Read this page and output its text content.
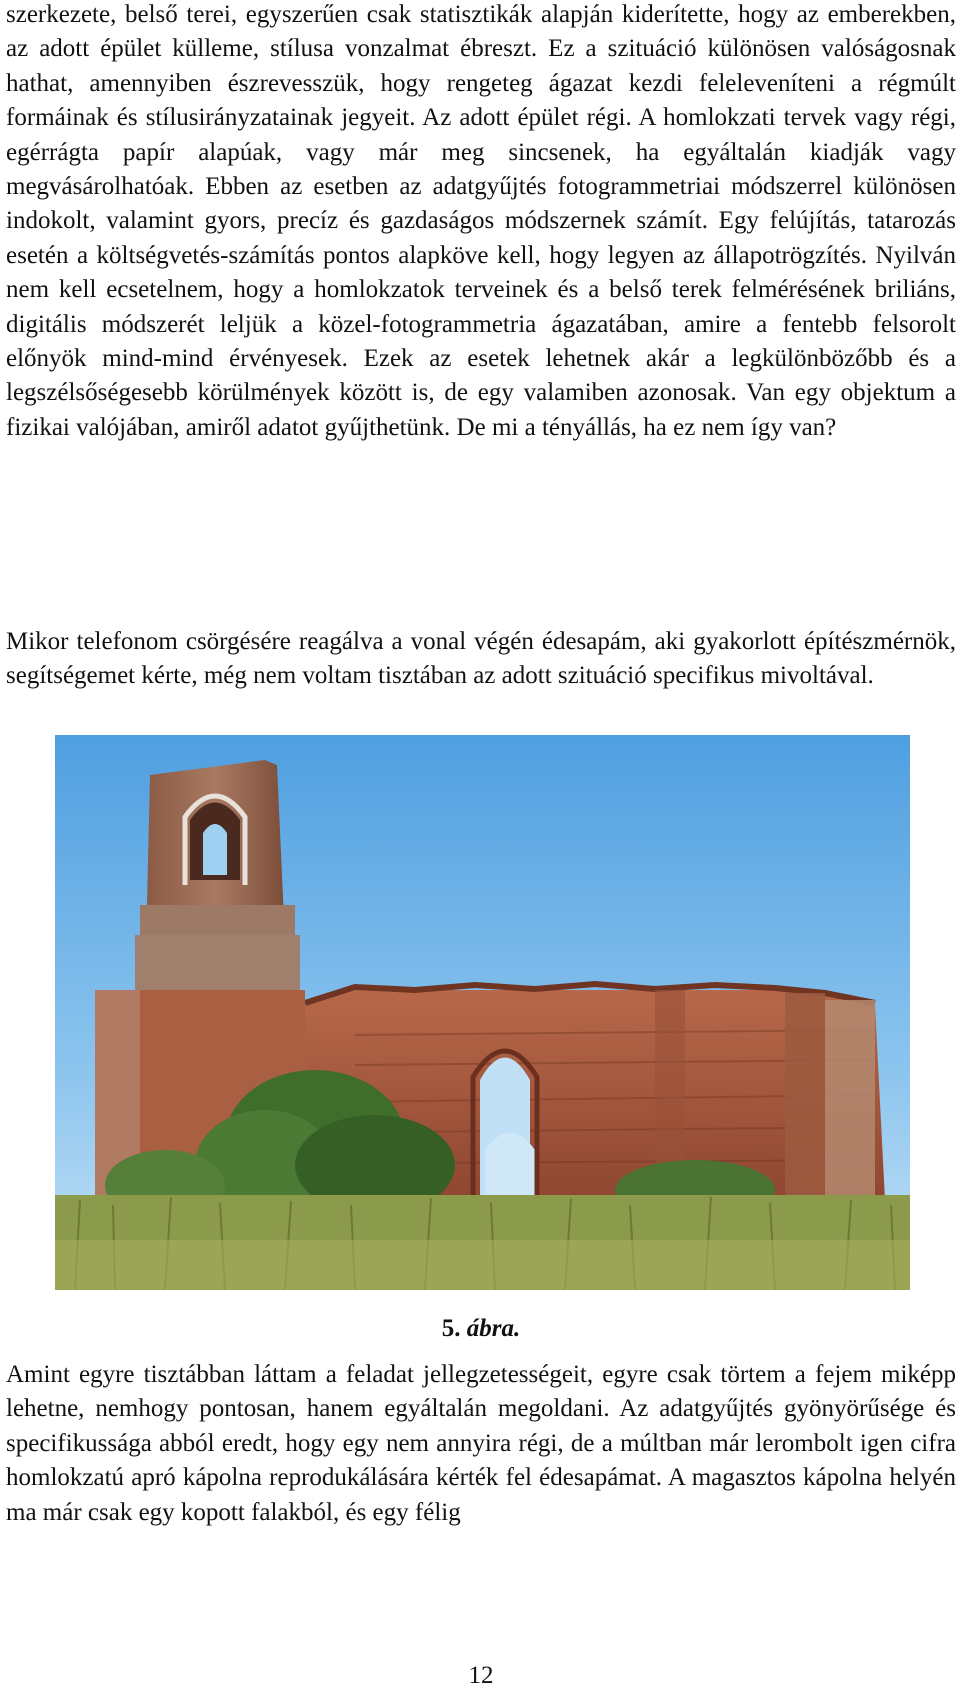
szerkezete, belső terei, egyszerűen csak statisztikák alapján kiderítette, hogy az emberekben, az adott épület külleme, stílusa vonzalmat ébreszt. Ez a szituáció különösen valóságosnak hathat, amennyiben észrevesszük, hogy rengeteg ágazat kezdi feleleveníteni a régmúlt formáinak és stílusirányzatainak jegyeit. Az adott épület régi. A homlokzati tervek vagy régi, egérrágta papír alapúak, vagy már meg sincsenek, ha egyáltalán kiadják vagy megvásárolhatóak. Ebben az esetben az adatgyűjtés fotogrammetriai módszerrel különösen indokolt, valamint gyors, precíz és gazdaságos módszernek számít. Egy felújítás, tatarozás esetén a költségvetés-számítás pontos alapköve kell, hogy legyen az állapotrögzítés. Nyilván nem kell ecsetelnem, hogy a homlokzatok terveinek és a belső terek felmérésének briliáns, digitális módszerét leljük a közel-fotogrammetria ágazatában, amire a fentebb felsorolt előnyök mind-mind érvényesek. Ezek az esetek lehetnek akár a legkülönbözőbb és a legszélsőségesebb körülmények között is, de egy valamiben azonosak. Van egy objektum a fizikai valójában, amiről adatot gyűjthetünk. De mi a tényállás, ha ez nem így van?

Mikor telefonom csörgésére reagálva a vonal végén édesapám, aki gyakorlott építészmérnök, segítségemet kérte, még nem voltam tisztában az adott szituáció specifikus mivoltával.

5. ábra.

Amint egyre tisztábban láttam a feladat jellegzetességeit, egyre csak törtem a fejem miképp lehetne, nemhogy pontosan, hanem egyáltalán megoldani. Az adatgyűjtés gyönyörűsége és specifikussága abból eredt, hogy egy nem annyira régi, de a múltban már lerombolt igen cifra homlokzatú apró kápolna reprodukálására kérték fel édesapámat. A magasztos kápolna helyén ma már csak egy kopott falakból, és egy félig

12
